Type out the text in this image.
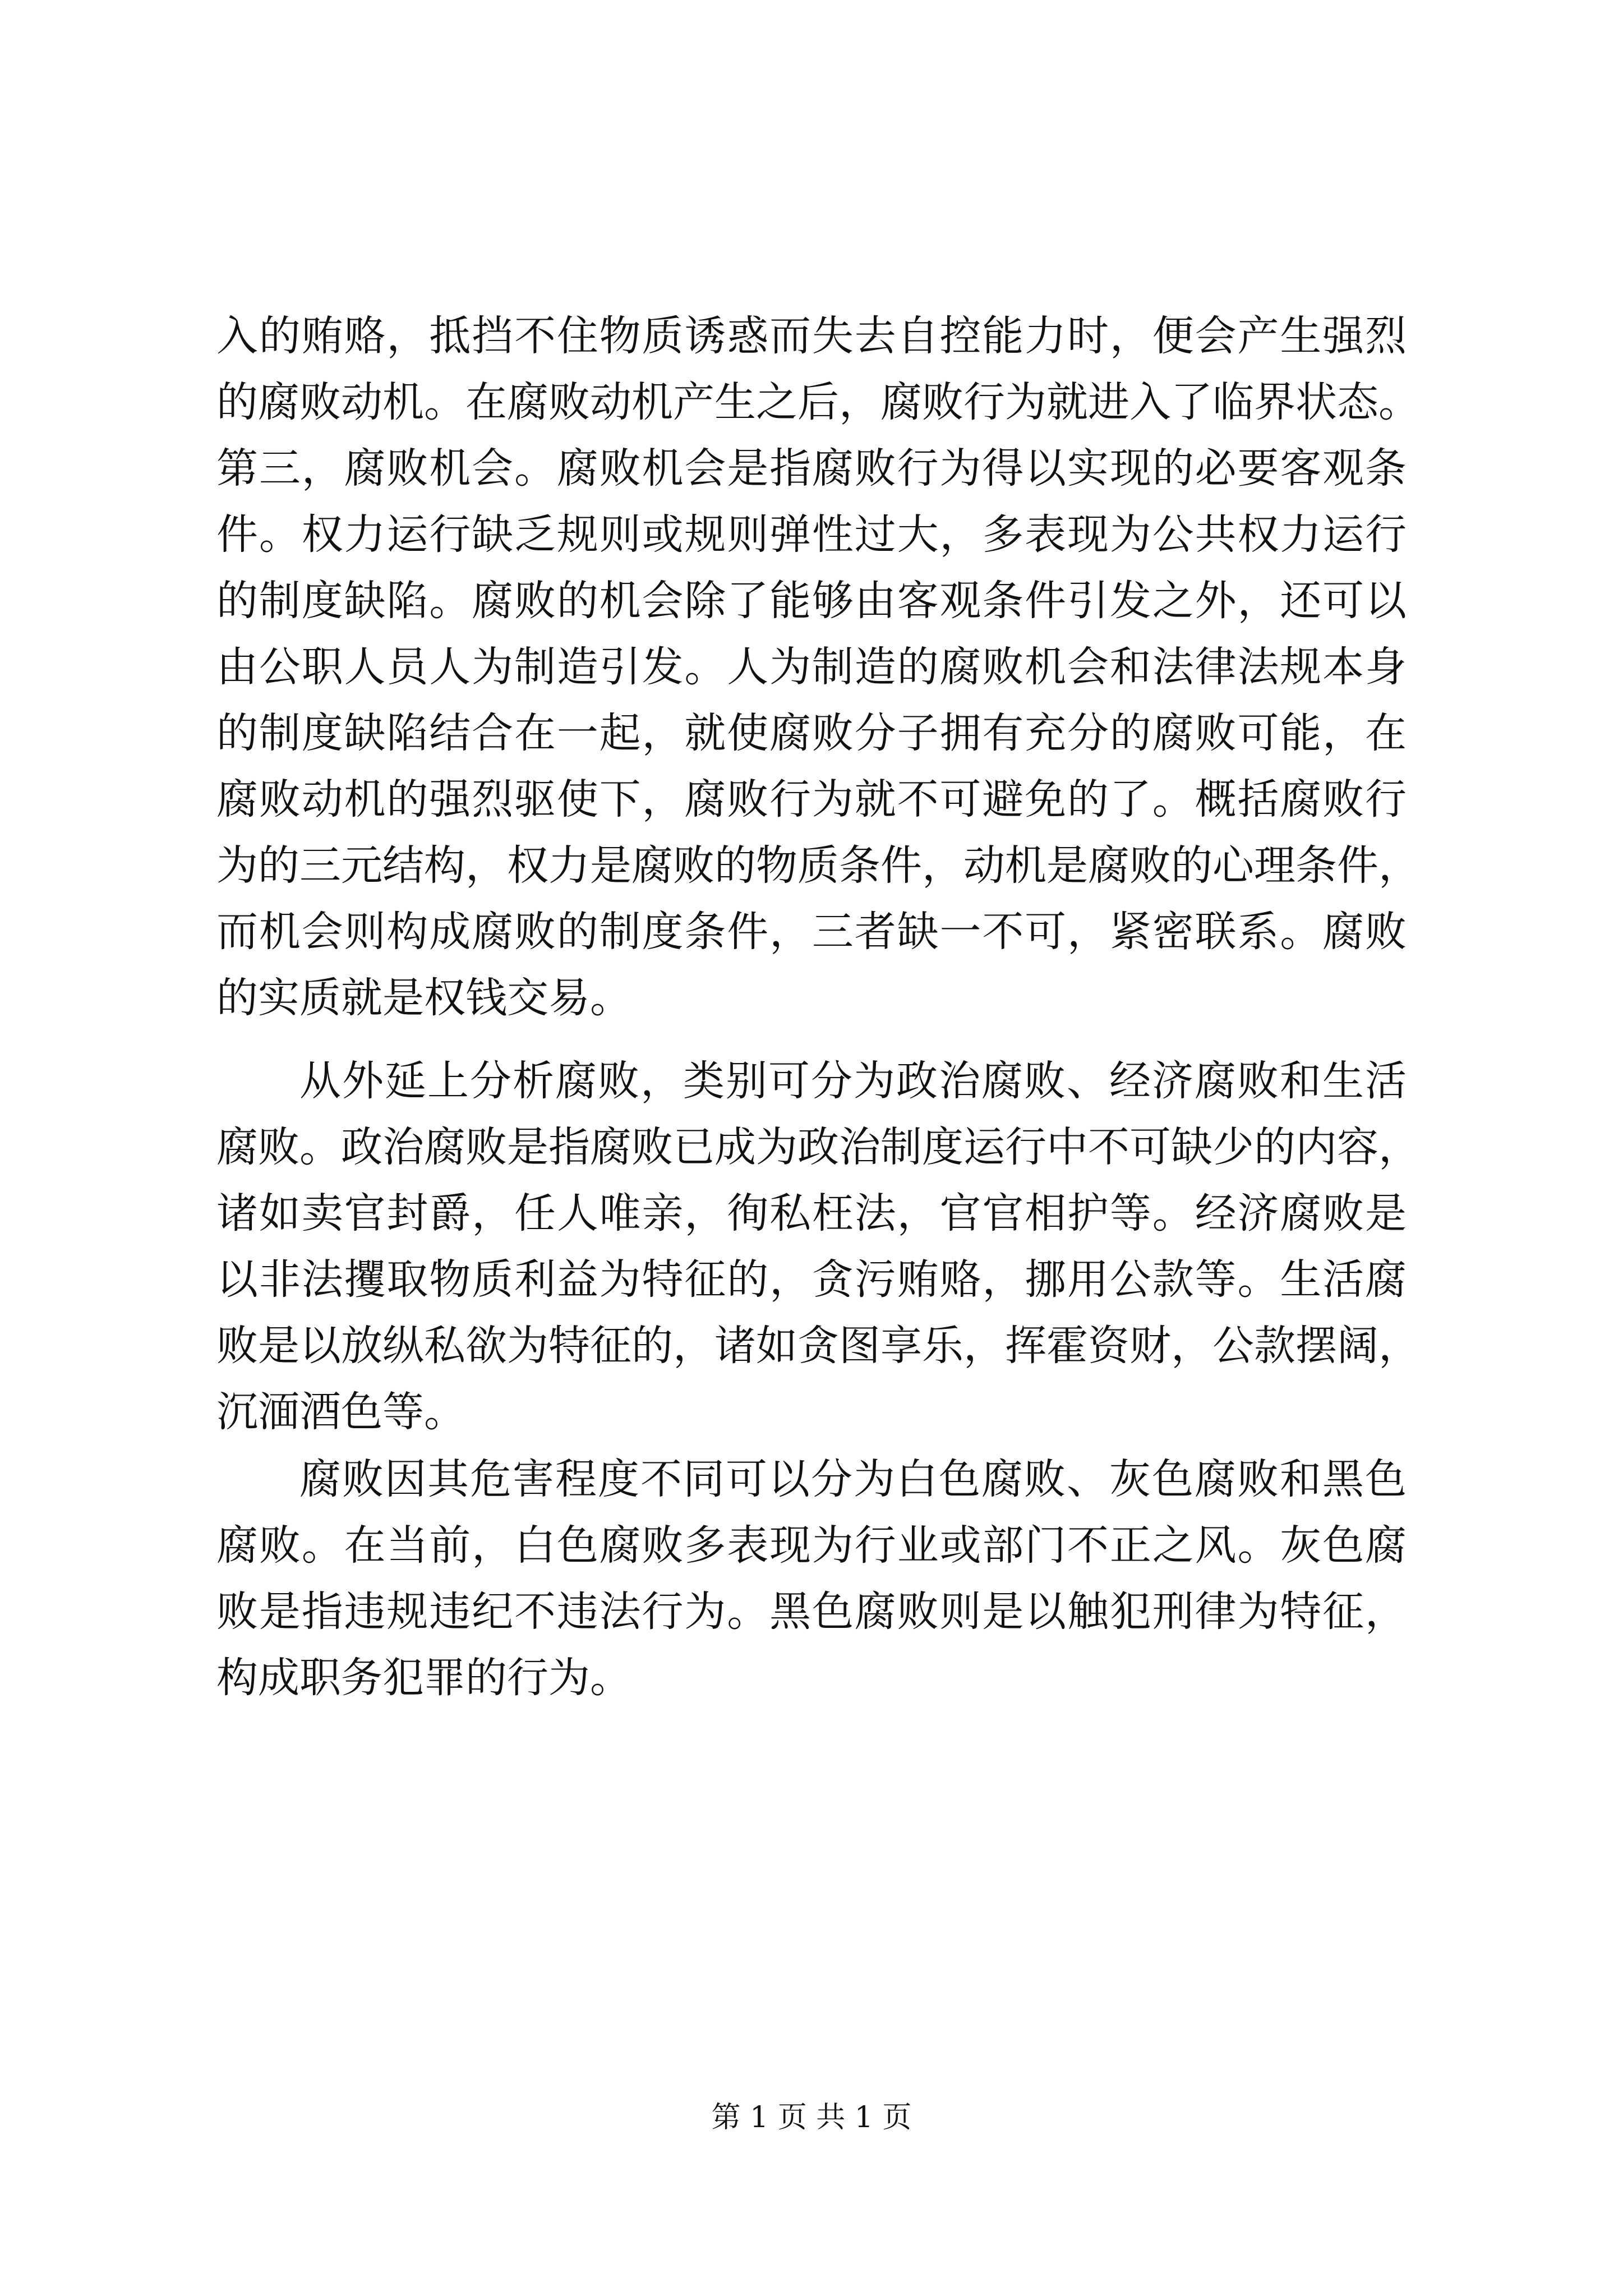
入的贿赂，抵挡不住物质诱惑而失去自控能力时，便会产生强烈
的腐败动机。在腐败动机产生之后，腐败行为就进入了临界状态。
第三，腐败机会。腐败机会是指腐败行为得以实现的必要客观条
件。权力运行缺乏规则或规则弹性过大，多表现为公共权力运行
的制度缺陷。腐败的机会除了能够由客观条件引发之外，还可以
由公职人员人为制造引发。人为制造的腐败机会和法律法规本身
的制度缺陷结合在一起，就使腐败分子拥有充分的腐败可能，在
腐败动机的强烈驱使下，腐败行为就不可避免的了。概括腐败行
为的三元结构，权力是腐败的物质条件，动机是腐败的心理条件，
而机会则构成腐败的制度条件，三者缺一不可，紧密联系。腐败
的实质就是权钱交易。
从外延上分析腐败，类别可分为政治腐败、经济腐败和生活
腐败。政治腐败是指腐败已成为政治制度运行中不可缺少的内容，
诸如卖官封爵，任人唯亲，徇私枉法，官官相护等。经济腐败是
以非法攫取物质利益为特征的，贪污贿赂，挪用公款等。生活腐
败是以放纵私欲为特征的，诸如贪图享乐，挥霍资财，公款摆阔，
沉湎酒色等。
腐败因其危害程度不同可以分为白色腐败、灰色腐败和黑色
腐败。在当前，白色腐败多表现为行业或部门不正之风。灰色腐
败是指违规违纪不违法行为。黑色腐败则是以触犯刑律为特征，
构成职务犯罪的行为。
第 1 页 共 1 页
